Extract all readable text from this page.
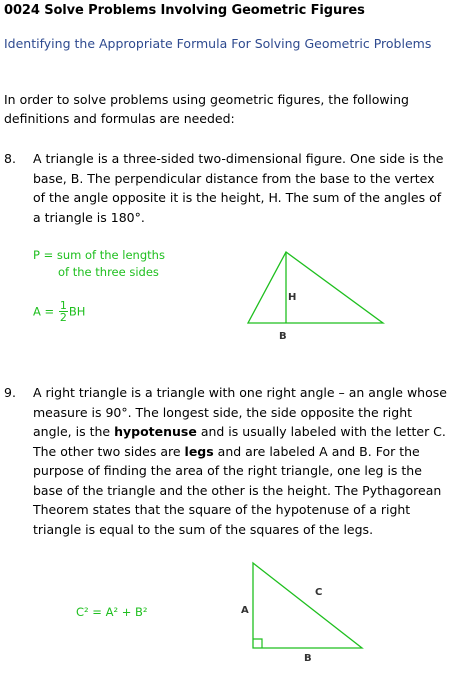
0024 Solve Problems Involving Geometric Figures
Identifying the Appropriate Formula For Solving Geometric Problems
In order to solve problems using geometric figures, the following definitions and formulas are needed:
8. A triangle is a three-sided two-dimensional figure. One side is the base, B. The perpendicular distance from the base to the vertex of the angle opposite it is the height, H. The sum of the angles of a triangle is 180°.
P = sum of the lengths
of the three sides
$A = \frac{1}{2}$ BH
H
B
9. A right triangle is a triangle with one right angle – an angle whose measure is 90°. The longest side, the side opposite the right angle, is the hypotenuse and is usually labeled with the letter C. The other two sides are legs and are labeled A and B. For the purpose of finding the area of the right triangle, one leg is the base of the triangle and the other is the height. The Pythagorean Theorem states that the square of the hypotenuse of a right triangle is equal to the sum of the squares of the legs.
C² = A² + B²	A
B
C
